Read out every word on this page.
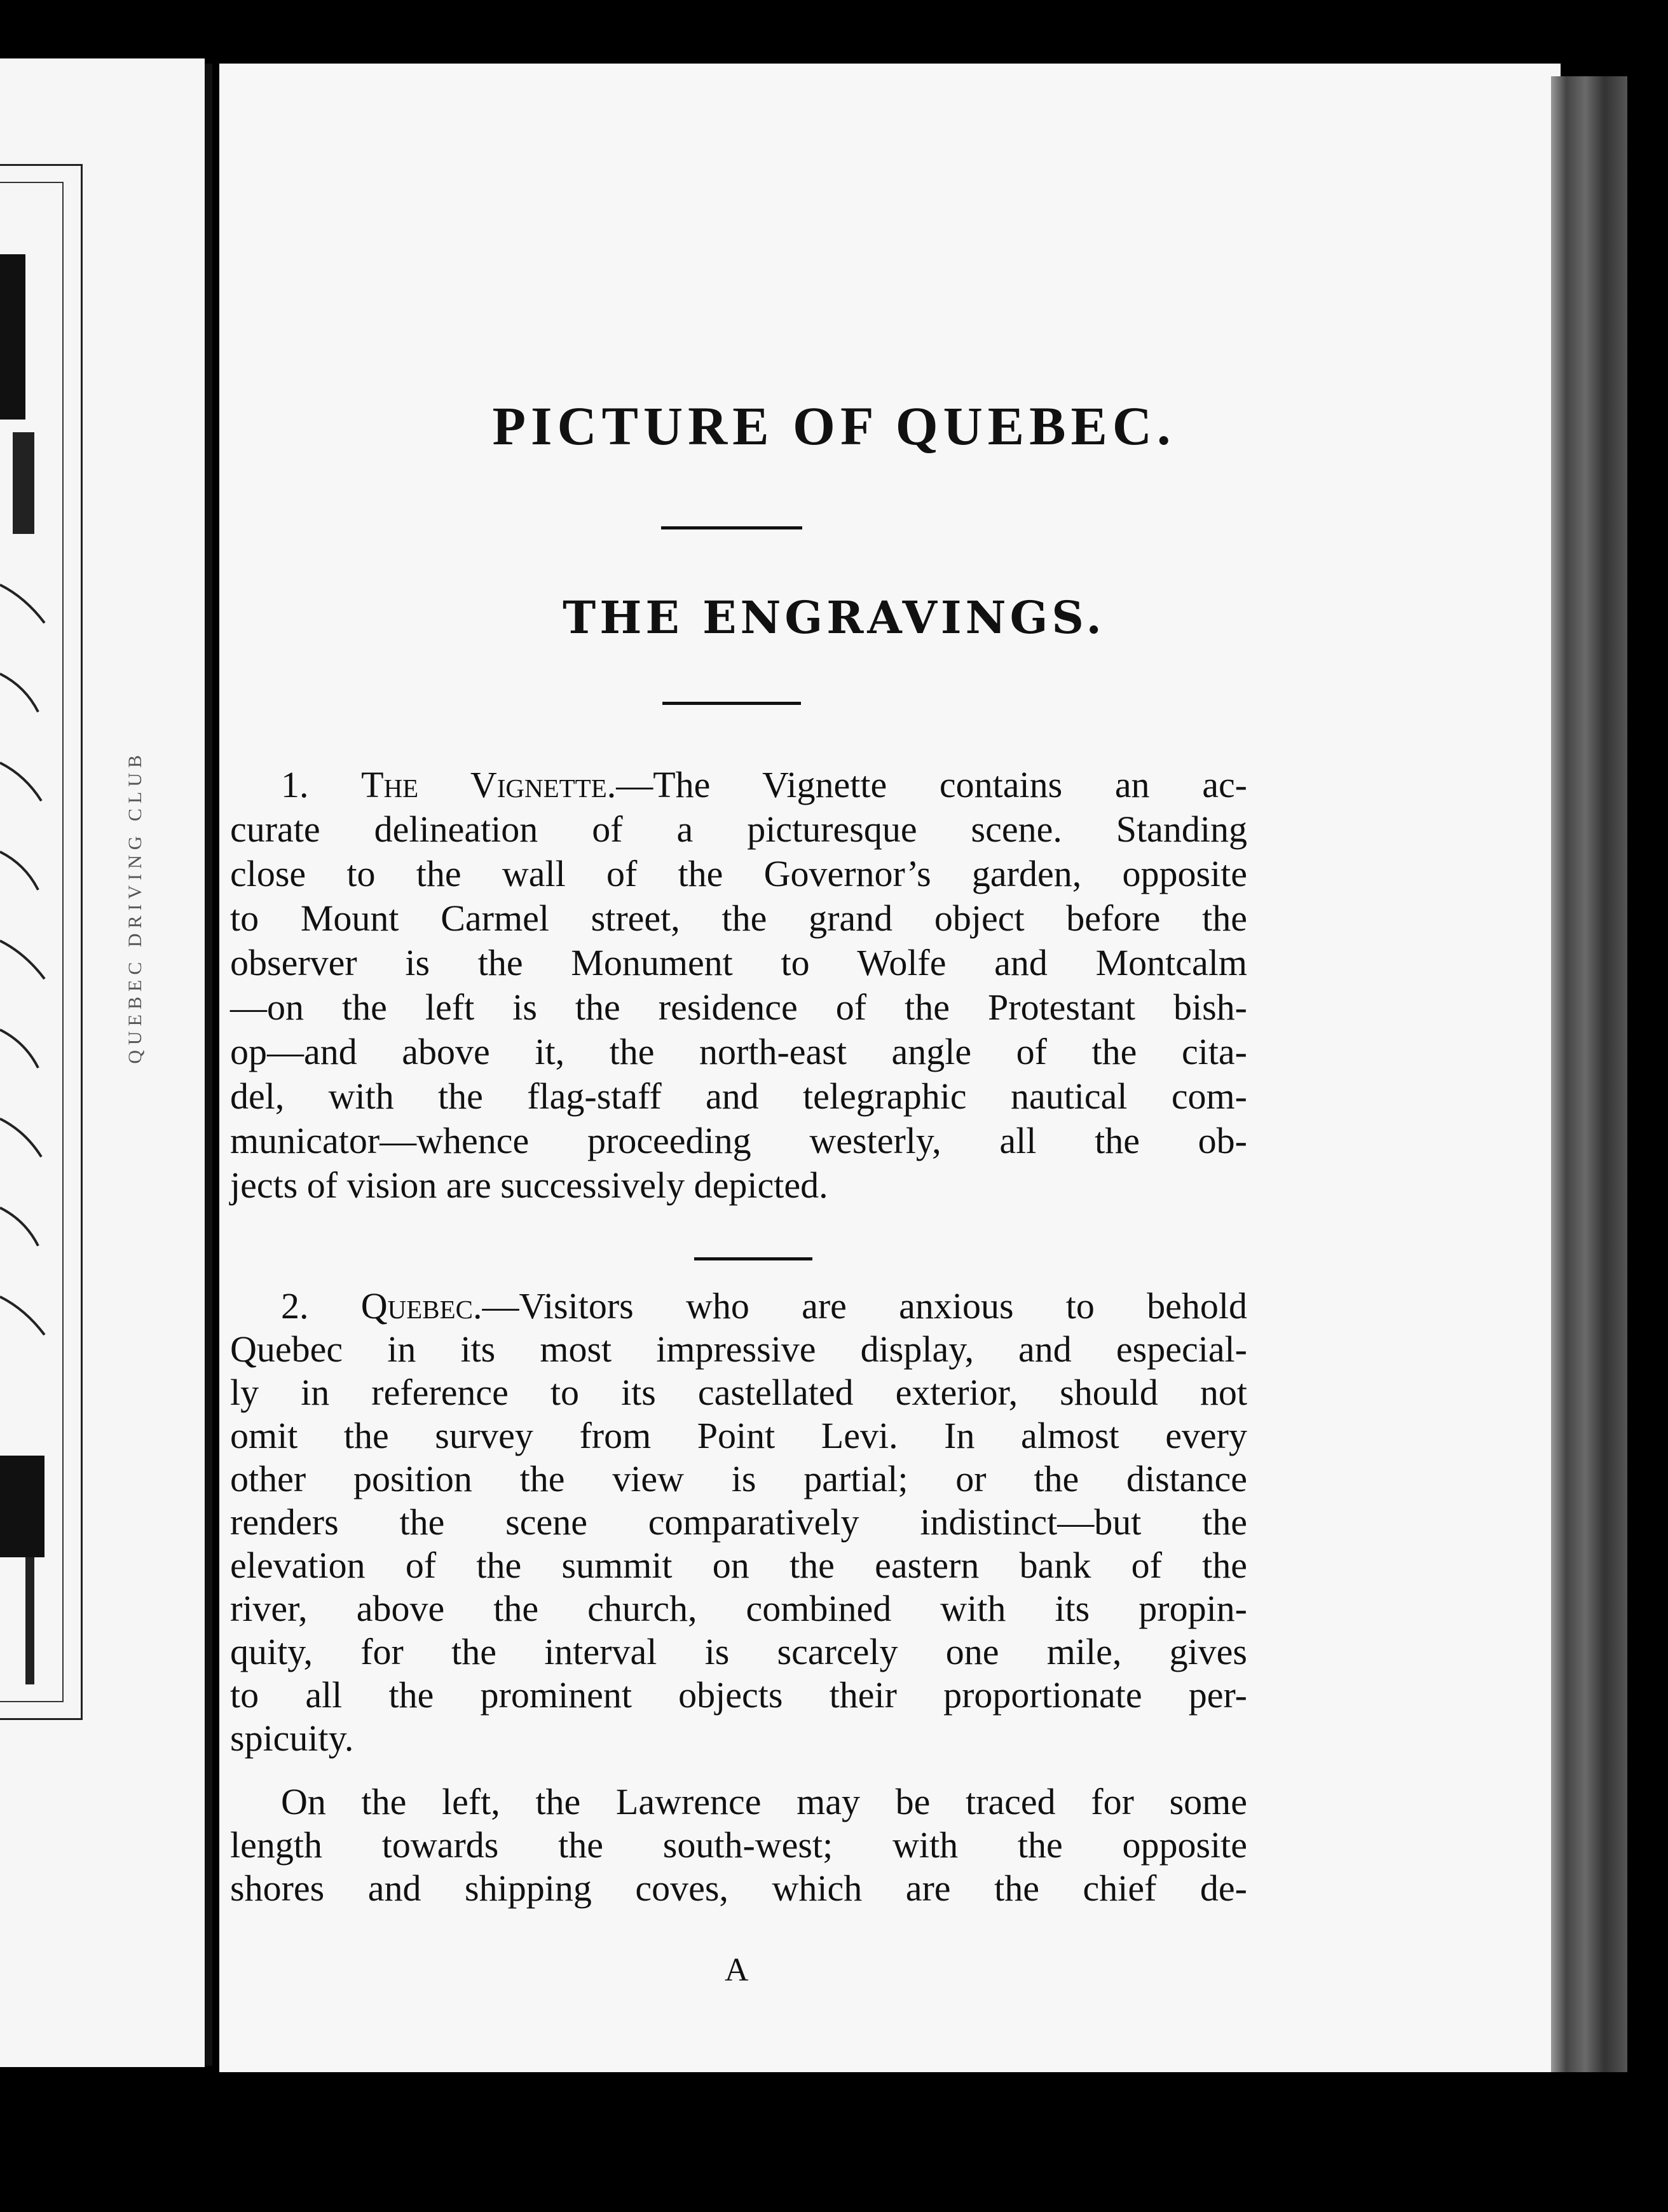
QUEBEC DRIVING CLUB
PICTURE OF QUEBEC.
THE ENGRAVINGS.
1. The Vignette.—The Vignette contains an ac-
curate delineation of a picturesque scene. Standing
close to the wall of the Governor’s garden, opposite
to Mount Carmel street, the grand object before the
observer is the Monument to Wolfe and Montcalm
—on the left is the residence of the Protestant bish-
op—and above it, the north-east angle of the cita-
del, with the flag-staff and telegraphic nautical com-
municator—whence proceeding westerly, all the ob-
jects of vision are successively depicted.
2. Quebec.—Visitors who are anxious to behold
Quebec in its most impressive display, and especial-
ly in reference to its castellated exterior, should not
omit the survey from Point Levi. In almost every
other position the view is partial; or the distance
renders the scene comparatively indistinct—but the
elevation of the summit on the eastern bank of the
river, above the church, combined with its propin-
quity, for the interval is scarcely one mile, gives
to all the prominent objects their proportionate per-
spicuity.
On the left, the Lawrence may be traced for some
length towards the south-west; with the opposite
shores and shipping coves, which are the chief de-
A
